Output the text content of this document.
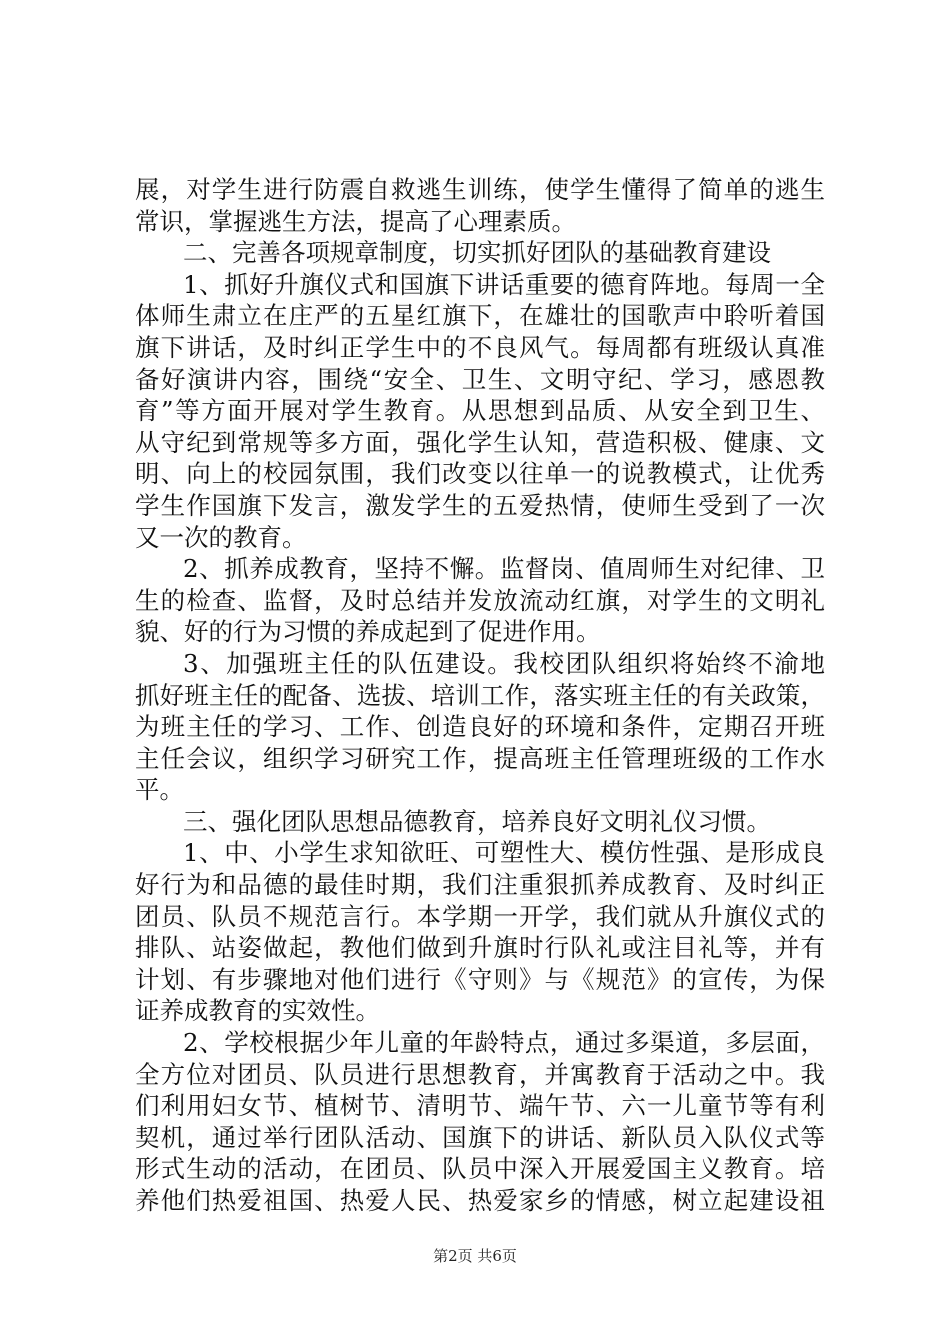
展，对学生进行防震自救逃生训练，使学生懂得了简单的逃生
常识，掌握逃生方法，提高了心理素质。
二、完善各项规章制度，切实抓好团队的基础教育建设
1、抓好升旗仪式和国旗下讲话重要的德育阵地。每周一全
体师生肃立在庄严的五星红旗下，在雄壮的国歌声中聆听着国
旗下讲话，及时纠正学生中的不良风气。每周都有班级认真准
备好演讲内容，围绕“安全、卫生、文明守纪、学习，感恩教
育”等方面开展对学生教育。从思想到品质、从安全到卫生、
从守纪到常规等多方面，强化学生认知，营造积极、健康、文
明、向上的校园氛围，我们改变以往单一的说教模式，让优秀
学生作国旗下发言，激发学生的五爱热情，使师生受到了一次
又一次的教育。
2、抓养成教育，坚持不懈。监督岗、值周师生对纪律、卫
生的检查、监督，及时总结并发放流动红旗，对学生的文明礼
貌、好的行为习惯的养成起到了促进作用。
3、加强班主任的队伍建设。我校团队组织将始终不渝地
抓好班主任的配备、选拔、培训工作，落实班主任的有关政策，
为班主任的学习、工作、创造良好的环境和条件，定期召开班
主任会议，组织学习研究工作，提高班主任管理班级的工作水
平。
三、强化团队思想品德教育，培养良好文明礼仪习惯。
1、中、小学生求知欲旺、可塑性大、模仿性强、是形成良
好行为和品德的最佳时期，我们注重狠抓养成教育、及时纠正
团员、队员不规范言行。本学期一开学，我们就从升旗仪式的
排队、站姿做起，教他们做到升旗时行队礼或注目礼等，并有
计划、有步骤地对他们进行《守则》与《规范》的宣传，为保
证养成教育的实效性。
2、学校根据少年儿童的年龄特点，通过多渠道，多层面，
全方位对团员、队员进行思想教育，并寓教育于活动之中。我
们利用妇女节、植树节、清明节、端午节、六一儿童节等有利
契机，通过举行团队活动、国旗下的讲话、新队员入队仪式等
形式生动的活动，在团员、队员中深入开展爱国主义教育。培
养他们热爱祖国、热爱人民、热爱家乡的情感，树立起建设祖
第2页 共6页
